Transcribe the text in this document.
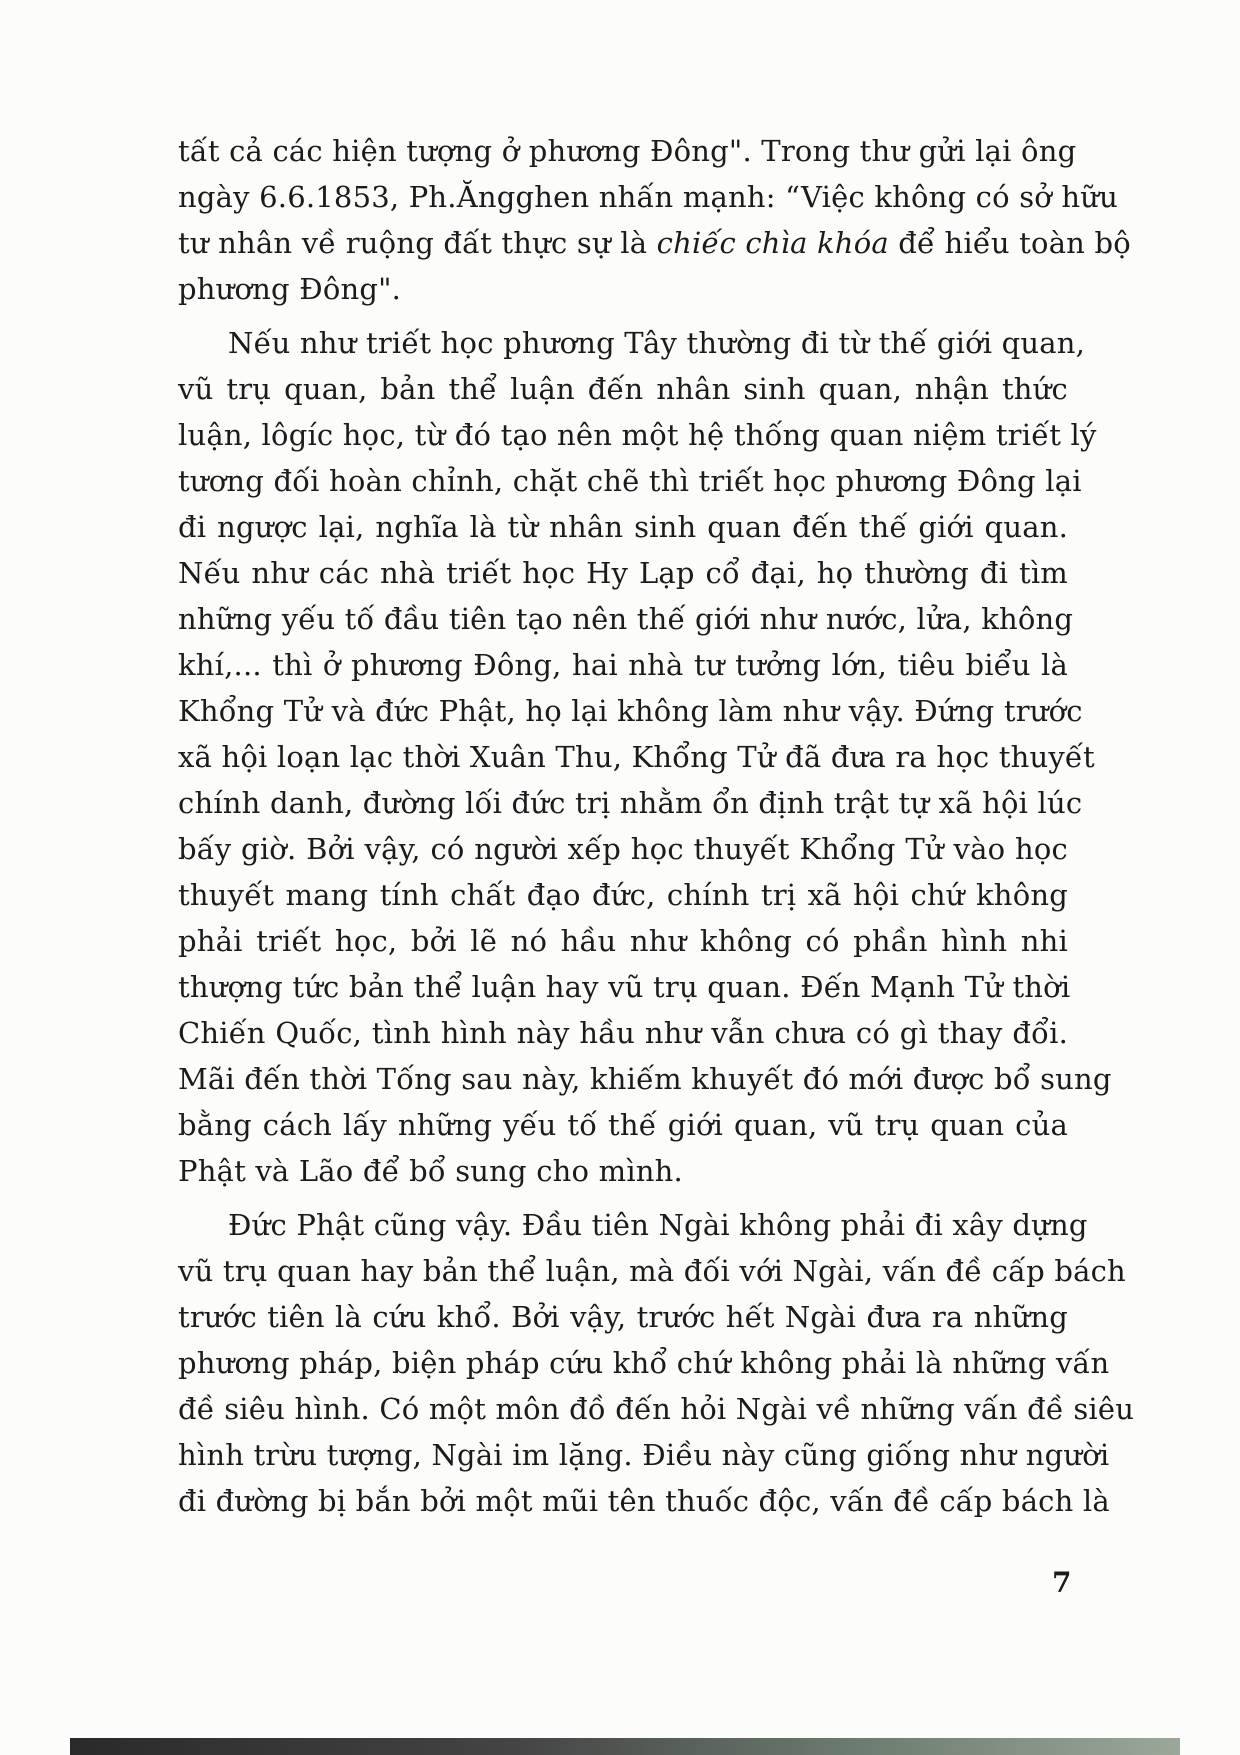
tất cả các hiện tượng ở phương Đông". Trong thư gửi lại ông
ngày 6.6.1853, Ph.Ăngghen nhấn mạnh: “Việc không có sở hữu
tư nhân về ruộng đất thực sự là chiếc chìa khóa để hiểu toàn bộ
phương Đông".
Nếu như triết học phương Tây thường đi từ thế giới quan,
vũ trụ quan, bản thể luận đến nhân sinh quan, nhận thức
luận, lôgíc học, từ đó tạo nên một hệ thống quan niệm triết lý
tương đối hoàn chỉnh, chặt chẽ thì triết học phương Đông lại
đi ngược lại, nghĩa là từ nhân sinh quan đến thế giới quan.
Nếu như các nhà triết học Hy Lạp cổ đại, họ thường đi tìm
những yếu tố đầu tiên tạo nên thế giới như nước, lửa, không
khí,... thì ở phương Đông, hai nhà tư tưởng lớn, tiêu biểu là
Khổng Tử và đức Phật, họ lại không làm như vậy. Đứng trước
xã hội loạn lạc thời Xuân Thu, Khổng Tử đã đưa ra học thuyết
chính danh, đường lối đức trị nhằm ổn định trật tự xã hội lúc
bấy giờ. Bởi vậy, có người xếp học thuyết Khổng Tử vào học
thuyết mang tính chất đạo đức, chính trị xã hội chứ không
phải triết học, bởi lẽ nó hầu như không có phần hình nhi
thượng tức bản thể luận hay vũ trụ quan. Đến Mạnh Tử thời
Chiến Quốc, tình hình này hầu như vẫn chưa có gì thay đổi.
Mãi đến thời Tống sau này, khiếm khuyết đó mới được bổ sung
bằng cách lấy những yếu tố thế giới quan, vũ trụ quan của
Phật và Lão để bổ sung cho mình.
Đức Phật cũng vậy. Đầu tiên Ngài không phải đi xây dựng
vũ trụ quan hay bản thể luận, mà đối với Ngài, vấn đề cấp bách
trước tiên là cứu khổ. Bởi vậy, trước hết Ngài đưa ra những
phương pháp, biện pháp cứu khổ chứ không phải là những vấn
đề siêu hình. Có một môn đồ đến hỏi Ngài về những vấn đề siêu
hình trừu tượng, Ngài im lặng. Điều này cũng giống như người
đi đường bị bắn bởi một mũi tên thuốc độc, vấn đề cấp bách là
7
